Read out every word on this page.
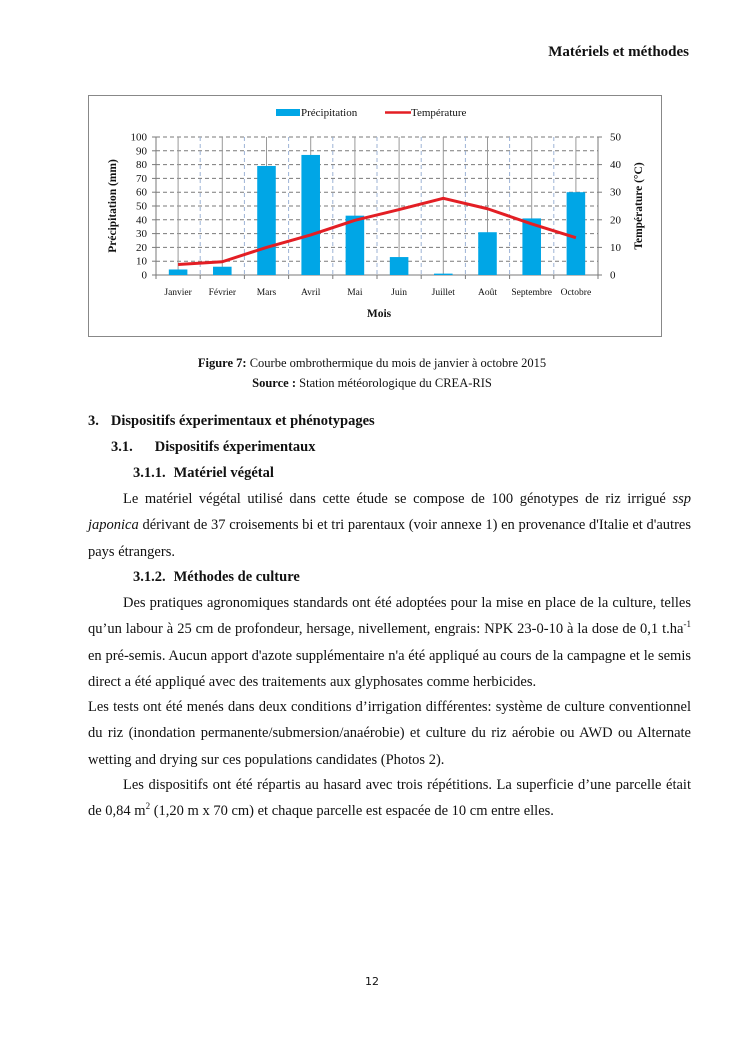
Matériels et méthodes
0
10
20
30
40
50
60
70
80
90
100
0
10
20
30
40
50
Janvier Février Mars	Avril	Mai	Juin	Juillet Août Septembre Octobre
Mois
Précipitation (mm)	Température (°C)
Précipitation	Température
Figure 7: Courbe ombrothermique du mois de janvier à octobre 2015
Source : Station météorologique du CREA-RIS
3. Dispositifs éxperimentaux et phénotypages
3.1. Dispositifs éxperimentaux
3.1.1. Matériel végétal
Le matériel végétal utilisé dans cette étude se compose de 100 génotypes de riz irrigué ssp japonica dérivant de 37 croisements bi et tri parentaux (voir annexe 1) en provenance d'Italie et d'autres pays étrangers.
3.1.2. Méthodes de culture
Des pratiques agronomiques standards ont été adoptées pour la mise en place de la culture, telles qu’un labour à 25 cm de profondeur, hersage, nivellement, engrais: NPK 23-0-10 à la dose de 0,1 $t.ha^{-1}$ en pré-semis. Aucun apport d'azote supplémentaire n'a été appliqué au cours de la campagne et le semis direct a été appliqué avec des traitements aux glyphosates comme herbicides.
Les tests ont été menés dans deux conditions d’irrigation différentes: système de culture conventionnel du riz (inondation permanente/submersion/anaérobie) et culture du riz aérobie ou AWD ou Alternate wetting and drying sur ces populations candidates (Photos 2).
Les dispositifs ont été répartis au hasard avec trois répétitions. La superficie d’une parcelle était de 0,84 $m^2$ (1,20 m x 70 cm) et chaque parcelle est espacée de 10 cm entre elles.
12
